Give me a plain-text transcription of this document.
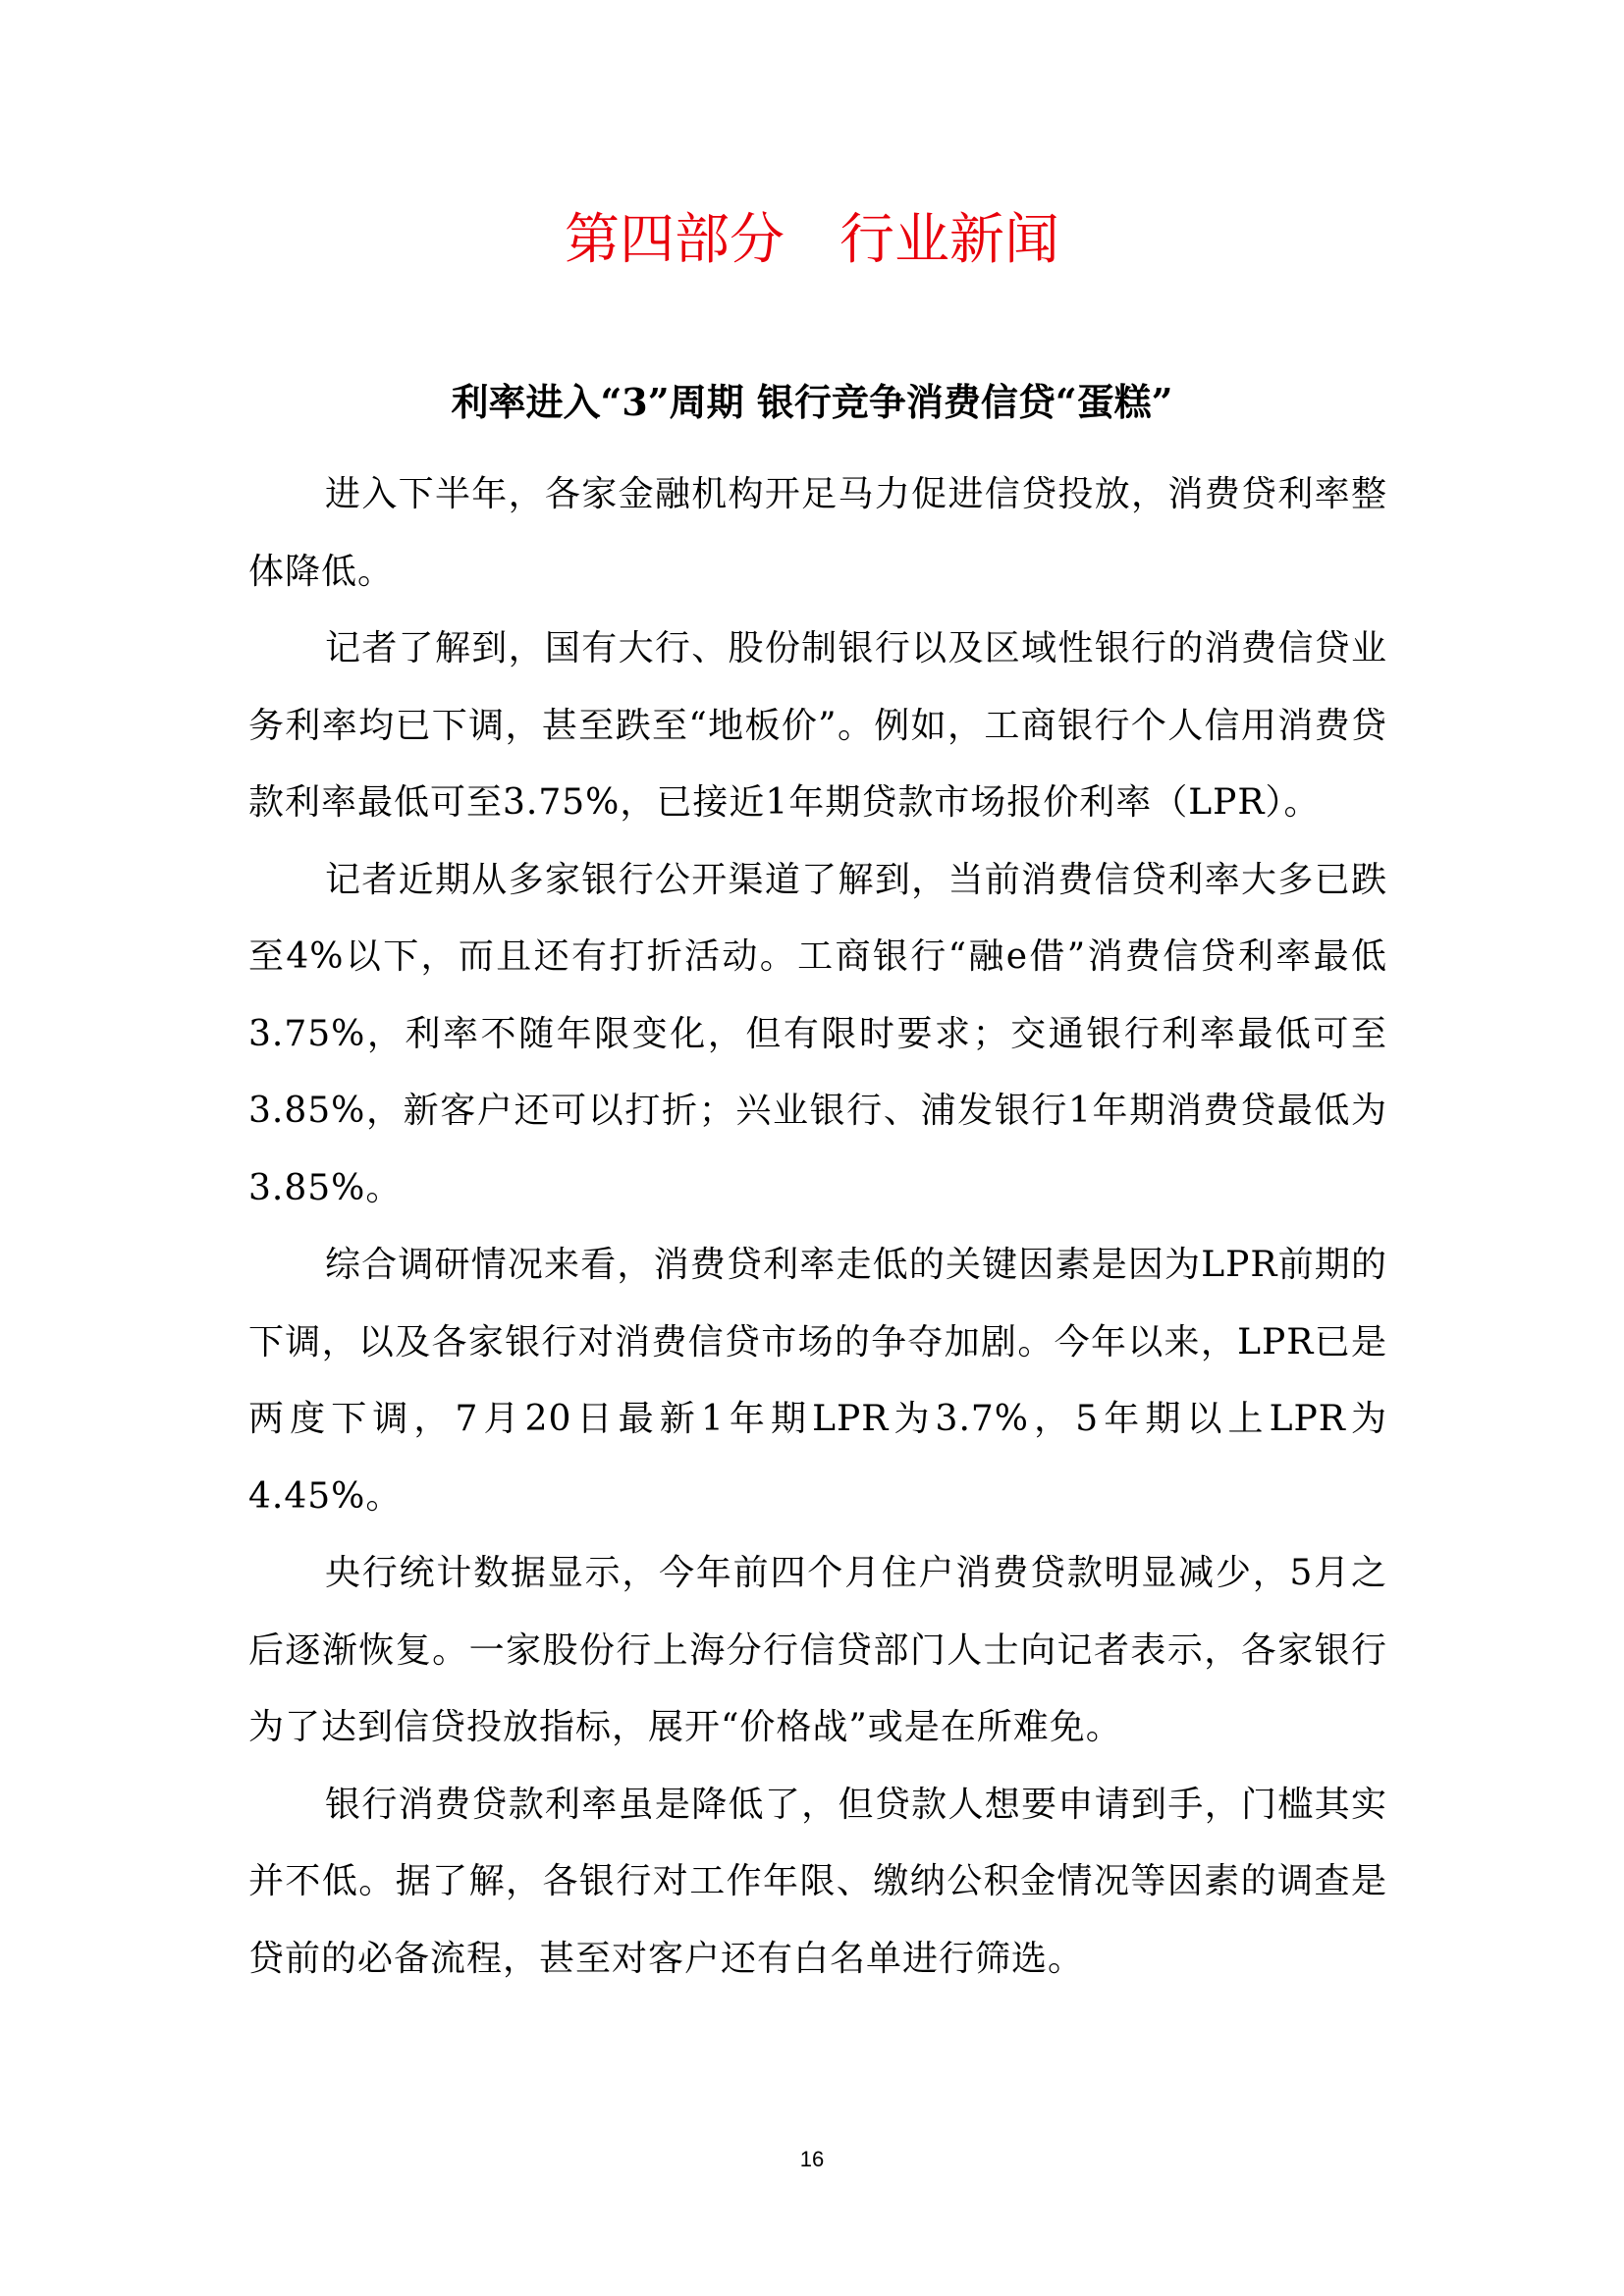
第四部分　行业新闻
利率进入“3”周期 银行竞争消费信贷“蛋糕”

进入下半年，各家金融机构开足马力促进信贷投放，消费贷利率整体降低。

记者了解到，国有大行、股份制银行以及区域性银行的消费信贷业务利率均已下调，甚至跌至“地板价”。例如，工商银行个人信用消费贷款利率最低可至3.75%，已接近1年期贷款市场报价利率（LPR）。

记者近期从多家银行公开渠道了解到，当前消费信贷利率大多已跌至4%以下，而且还有打折活动。工商银行“融e借”消费信贷利率最低3.75%，利率不随年限变化，但有限时要求；交通银行利率最低可至3.85%，新客户还可以打折；兴业银行、浦发银行1年期消费贷最低为3.85%。

综合调研情况来看，消费贷利率走低的关键因素是因为LPR前期的下调，以及各家银行对消费信贷市场的争夺加剧。今年以来，LPR已是两度下调，7月20日最新1年期LPR为3.7%，5年期以上LPR为4.45%。

央行统计数据显示，今年前四个月住户消费贷款明显减少，5月之后逐渐恢复。一家股份行上海分行信贷部门人士向记者表示，各家银行为了达到信贷投放指标，展开“价格战”或是在所难免。

银行消费贷款利率虽是降低了，但贷款人想要申请到手，门槛其实并不低。据了解，各银行对工作年限、缴纳公积金情况等因素的调查是贷前的必备流程，甚至对客户还有白名单进行筛选。

16
